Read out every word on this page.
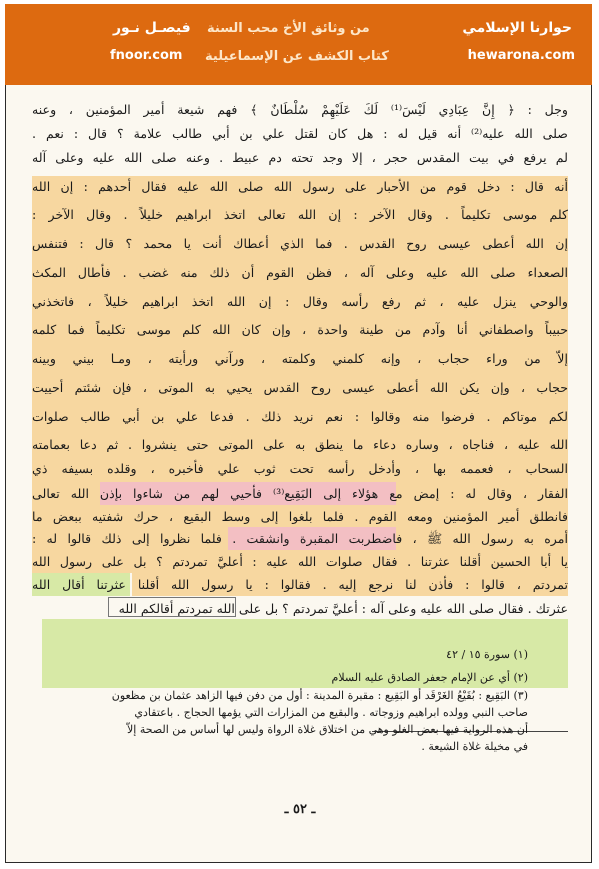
حوارنا الإسلامي
hewarona.com
من وثائق الأخ محب السنة
كتاب الكشف عن الإسماعيلية
فيصـل نـور
fnoor.com
وجل : ﴿ إِنَّ عِبَادِي لَيْسَ⁽¹⁾ لَكَ عَلَيْهِمْ سُلْطَانٌ ﴾ فهم شيعة أمير المؤمنين ، وعنه
صلى الله عليه⁽²⁾ أنه قيل له : هل كان لقتل علي بن أبي طالب علامة ؟ قال : نعم .
لم يرفع في بيت المقدس حجر ، إلا وجد تحته دم عبيط . وعنه صلى الله عليه وعلى آله
أنه قال : دخل قوم من الأحبار على رسول الله صلى الله عليه فقال أحدهم : إن الله
كلم موسى تكليماً . وقال الآخر : إن الله تعالى اتخذ ابراهيم خليلاً . وقال الآخر :
إن الله أعطى عيسى روح القدس . فما الذي أعطاك أنت يا محمد ؟ قال : فتنفس
الصعداء صلى الله عليه وعلى آله ، فظن القوم أن ذلك منه غضب . فأطال المكث
والوحي ينزل عليه ، ثم رفع رأسه وقال : إن الله اتخذ ابراهيم خليلاً ، فاتخذني
حبيباً واصطفاني أنا وآدم من طينة واحدة ، وإن كان الله كلم موسى تكليماً فما كلمه
إلاّ من وراء حجاب ، وإنه كلمني وكلمته ، ورآني ورأيته ، ومـا بيني وبينه
حجاب ، وإن يكن الله أعطى عيسى روح القدس يحيي به الموتى ، فإن شئتم أحييت
لكم موتاكم . فرضوا منه وقالوا : نعم نريد ذلك . فدعا علي بن أبي طالب صلوات
الله عليه ، فناجاه ، وساره دعاء ما ينطق به على الموتى حتى ينشروا . ثم دعا بعمامته
السحاب ، فعممه بها ، وأدخل رأسه تحت ثوب علي فأخبره ، وقلده بسيفه ذي
الفقار ، وقال له : إمض مع هؤلاء إلى البَقِيع⁽³⁾ فأحيي لهم من شاءوا بإذن الله تعالى
فانطلق أمير المؤمنين ومعه القوم . فلما بلغوا إلى وسط البقيع ، حرك شفتيه ببعض ما
أمره به رسول الله ﷺ ، فاضطربت المقبرة وانشقت . فلما نظروا إلى ذلك قالوا له :
يا أبا الحسين أقلنا عثرتنا . فقال صلوات الله عليه : أعليَّ تمردتم ؟ بل على رسول الله
تمردتم ، قالوا : فأذن لنا نرجع إليه . فقالوا : يا رسول الله أقلنا عثرتنا أقال الله
عثرتك . فقال صلى الله عليه وعلى آله : أعليَّ تمردتم ؟ بل على الله تمردتم أقالكم الله
(١) سورة ١٥ / ٤٢
(٢) أي عن الإمام جعفر الصادق عليه السلام
(٣) البَقِيع : بُقَيْعُ الغَرْقَد أو البَقِيع : مقبرة المدينة : أول من دفن فيها الزاهد عثمان بن مظعون
صاحب النبي وولده ابراهيم وزوجاته . والبقيع من المزارات التي يؤمها الحجاج . باعتقادي
أن هذه الرواية فيها بعض الغلو وهي من اختلاق غلاة الرواة وليس لها أساس من الصحة إلاّ
في مخيلة غلاة الشيعة .
ـ ٥٢ ـ
